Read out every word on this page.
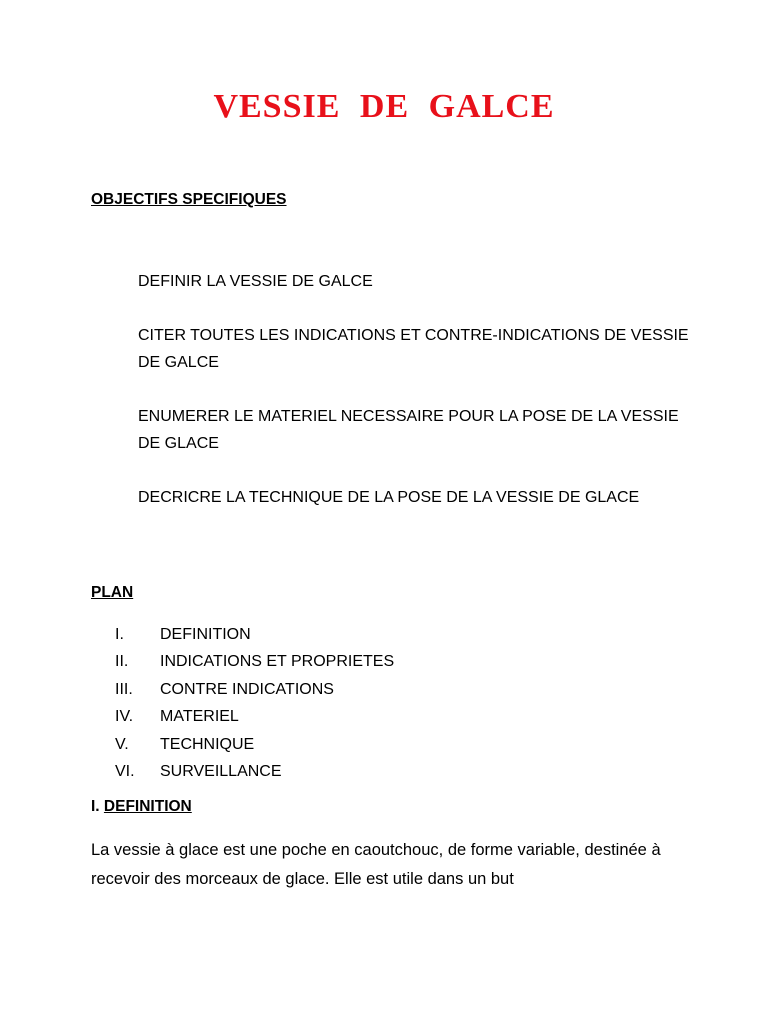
VESSIE DE GALCE

OBJECTIFS SPECIFIQUES

DEFINIR LA VESSIE DE GALCE
CITER TOUTES LES INDICATIONS ET CONTRE-INDICATIONS DE VESSIE DE GALCE
ENUMERER LE MATERIEL NECESSAIRE POUR LA POSE DE LA VESSIE DE GLACE
DECRICRE LA TECHNIQUE DE LA POSE DE LA VESSIE DE GLACE

PLAN

I.	DEFINITION
II.	INDICATIONS ET PROPRIETES
III.	CONTRE INDICATIONS
IV.	MATERIEL
V.	TECHNIQUE
VI.	SURVEILLANCE

I. DEFINITION

La vessie à glace est une poche en caoutchouc, de forme variable, destinée à recevoir des morceaux de glace. Elle est utile dans un but
